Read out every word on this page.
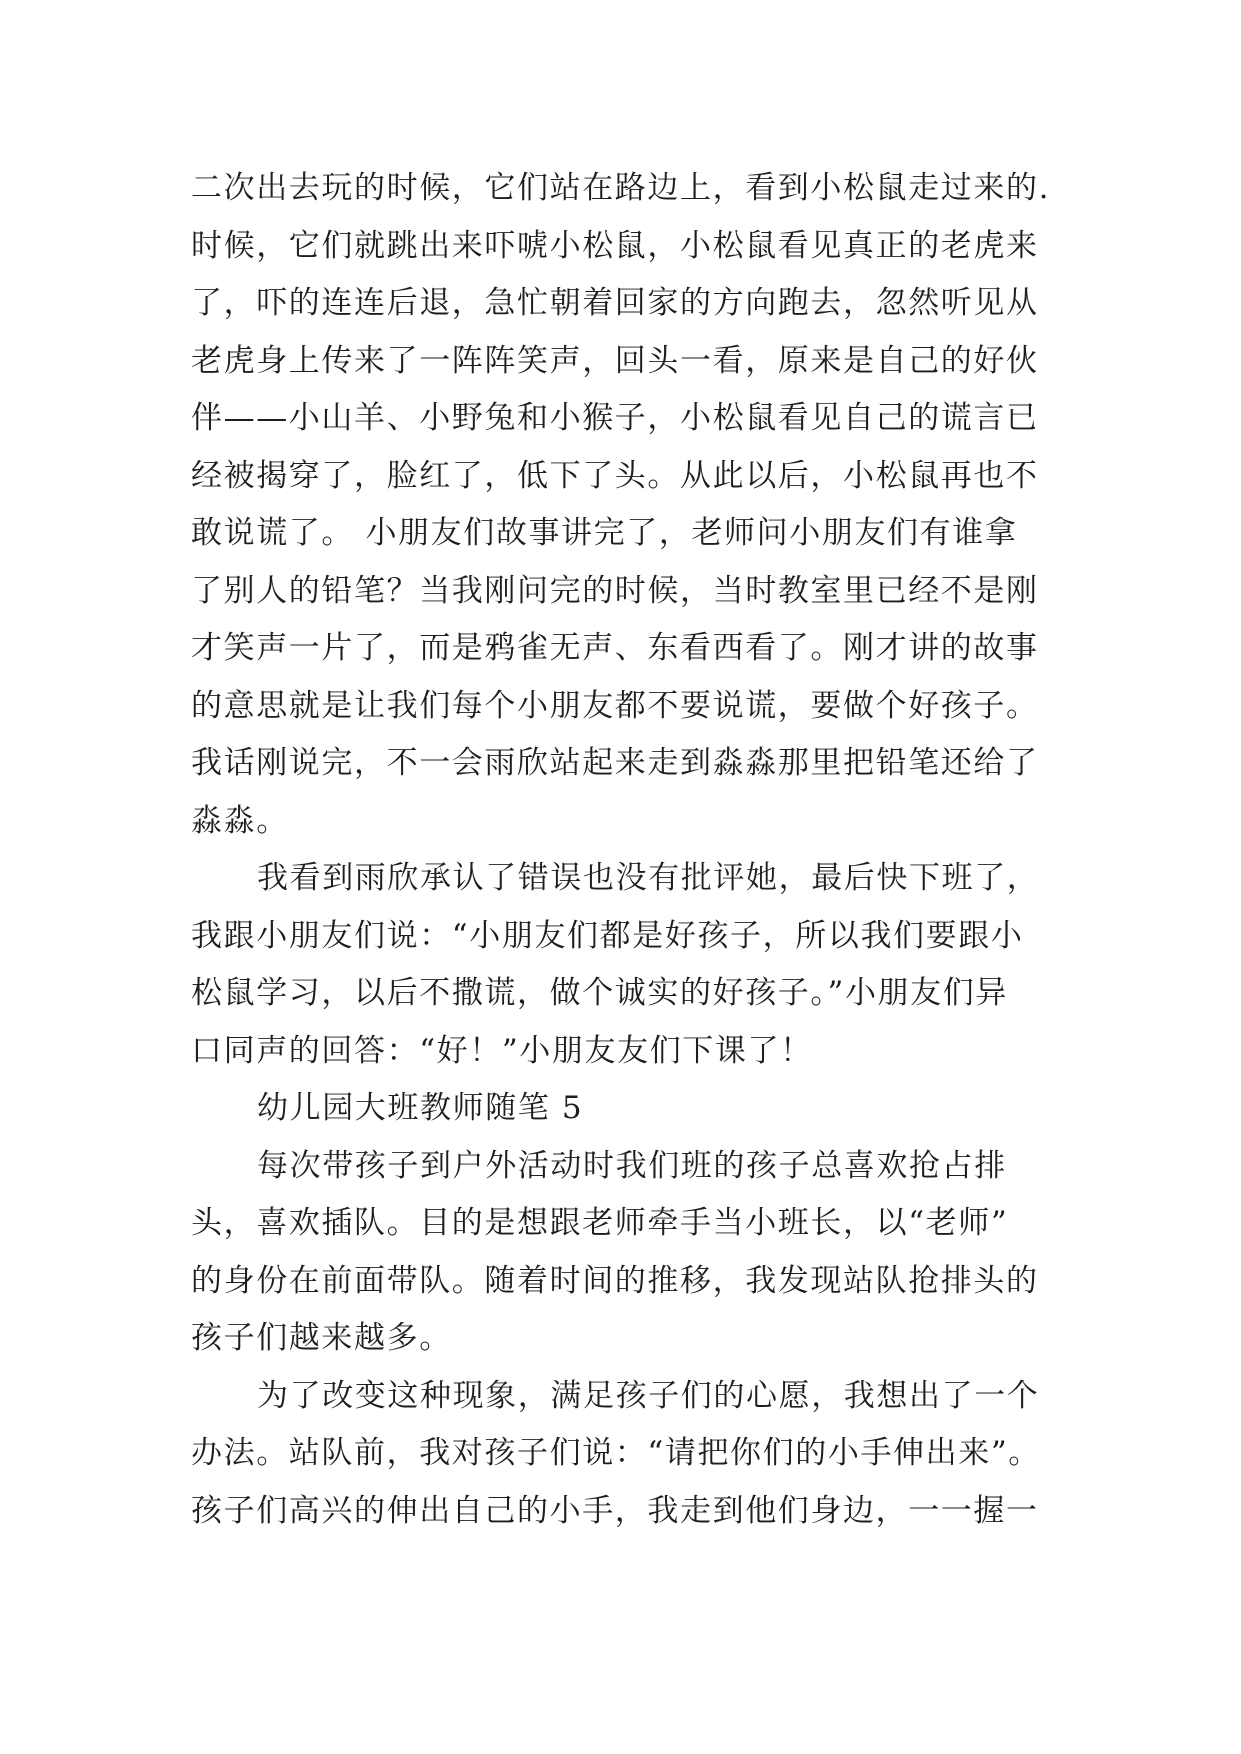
二次出去玩的时候，它们站在路边上，看到小松鼠走过来的.
时候，它们就跳出来吓唬小松鼠，小松鼠看见真正的老虎来
了，吓的连连后退，急忙朝着回家的方向跑去，忽然听见从
老虎身上传来了一阵阵笑声，回头一看，原来是自己的好伙
伴——小山羊、小野兔和小猴子，小松鼠看见自己的谎言已
经被揭穿了，脸红了，低下了头。从此以后，小松鼠再也不
敢说谎了。 小朋友们故事讲完了，老师问小朋友们有谁拿
了别人的铅笔？当我刚问完的时候，当时教室里已经不是刚
才笑声一片了，而是鸦雀无声、东看西看了。刚才讲的故事
的意思就是让我们每个小朋友都不要说谎，要做个好孩子。
我话刚说完，不一会雨欣站起来走到淼淼那里把铅笔还给了
淼淼。
我看到雨欣承认了错误也没有批评她，最后快下班了，
我跟小朋友们说：“小朋友们都是好孩子，所以我们要跟小
松鼠学习，以后不撒谎，做个诚实的好孩子。”小朋友们异
口同声的回答：“好！”小朋友友们下课了！
幼儿园大班教师随笔 5
每次带孩子到户外活动时我们班的孩子总喜欢抢占排
头，喜欢插队。目的是想跟老师牵手当小班长，以“老师”
的身份在前面带队。随着时间的推移，我发现站队抢排头的
孩子们越来越多。
为了改变这种现象，满足孩子们的心愿，我想出了一个
办法。站队前，我对孩子们说：“请把你们的小手伸出来”。
孩子们高兴的伸出自己的小手，我走到他们身边，一一握一
